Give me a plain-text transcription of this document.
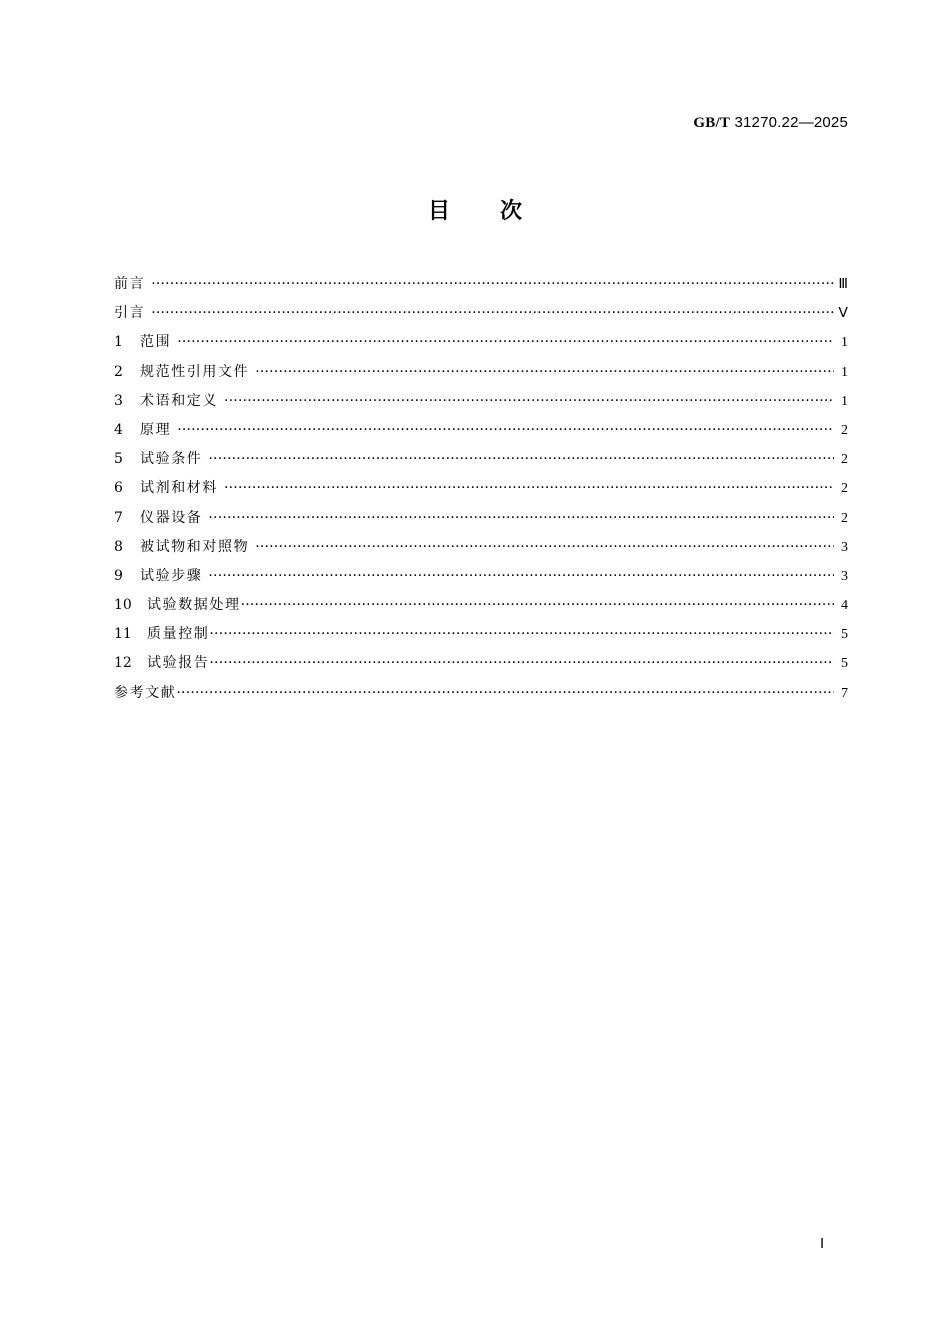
GB/T 31270.22—2025
目次
前言 ·····	Ⅲ
引言 ·····	Ⅴ
1	范围 ·····	1
2	规范性引用文件 ·····	1
3	术语和定义 ·····	1
4	原理 ·····	2
5	试验条件 ·····	2
6	试剂和材料 ·····	2
7	仪器设备 ·····	2
8	被试物和对照物 ·····	3
9	试验步骤 ·····	3
10	试验数据处理 ·····	4
11	质量控制 ·····	5
12	试验报告 ·····	5
参考文献 ·····	7
Ⅰ
